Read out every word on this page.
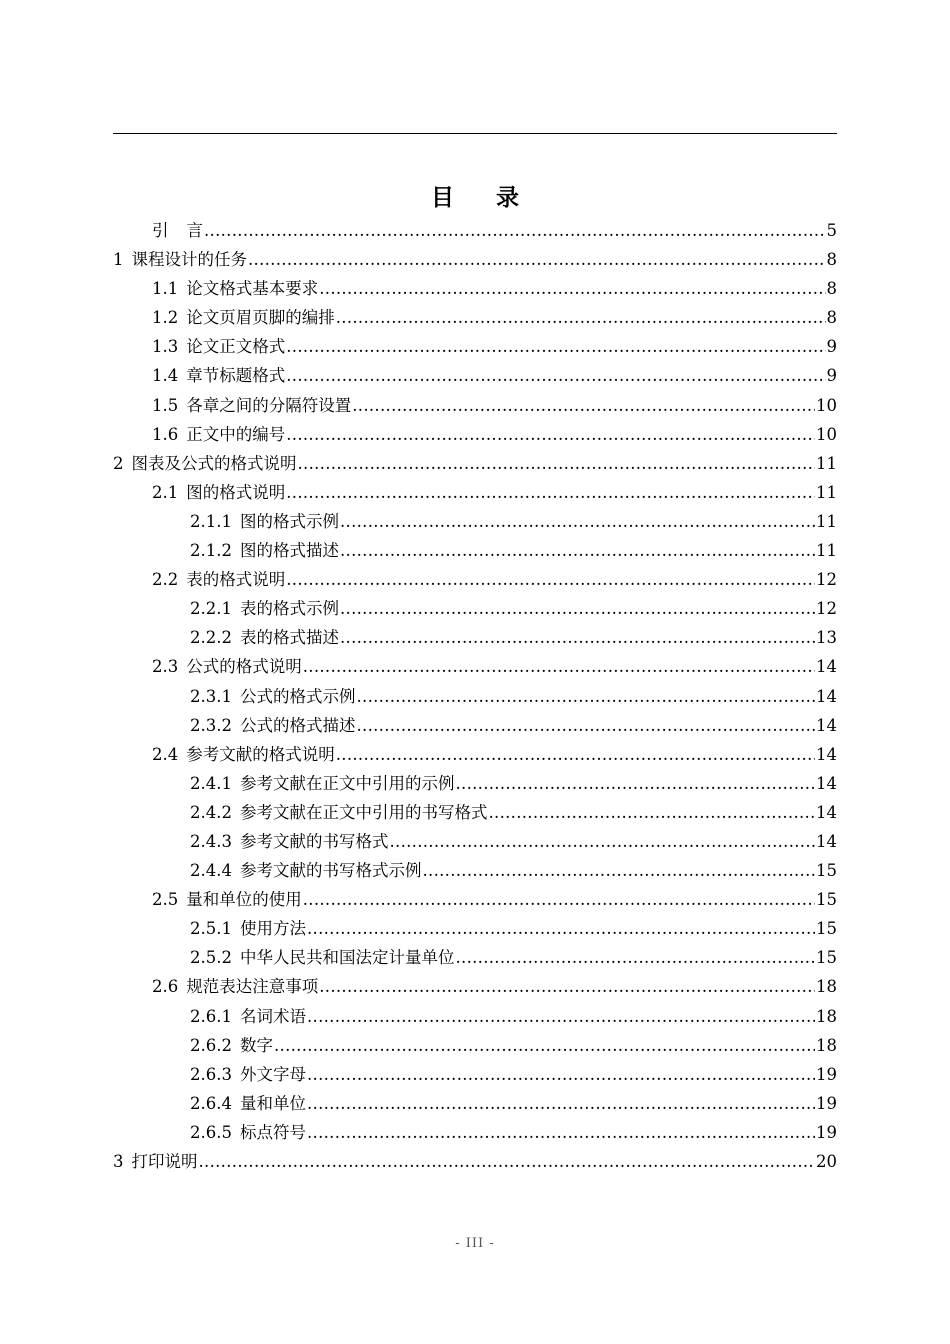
目 录
引言 .....	5
1 课程设计的任务 .....	8
1.1 论文格式基本要求 .....	8
1.2 论文页眉页脚的编排 .....	8
1.3 论文正文格式 .....	9
1.4 章节标题格式 .....	9
1.5 各章之间的分隔符设置 .....	10
1.6 正文中的编号 .....	10
2 图表及公式的格式说明 .....	11
2.1 图的格式说明 .....	11
2.1.1 图的格式示例 .....	11
2.1.2 图的格式描述 .....	11
2.2 表的格式说明 .....	12
2.2.1 表的格式示例 .....	12
2.2.2 表的格式描述 .....	13
2.3 公式的格式说明 .....	14
2.3.1 公式的格式示例 .....	14
2.3.2 公式的格式描述 .....	14
2.4 参考文献的格式说明 .....	14
2.4.1 参考文献在正文中引用的示例 .....	14
2.4.2 参考文献在正文中引用的书写格式 .....	14
2.4.3 参考文献的书写格式 .....	14
2.4.4 参考文献的书写格式示例 .....	15
2.5 量和单位的使用 .....	15
2.5.1 使用方法 .....	15
2.5.2 中华人民共和国法定计量单位 .....	15
2.6 规范表达注意事项 .....	18
2.6.1 名词术语 .....	18
2.6.2 数字 .....	18
2.6.3 外文字母 .....	19
2.6.4 量和单位 .....	19
2.6.5 标点符号 .....	19
3 打印说明 .....	20
- III -
